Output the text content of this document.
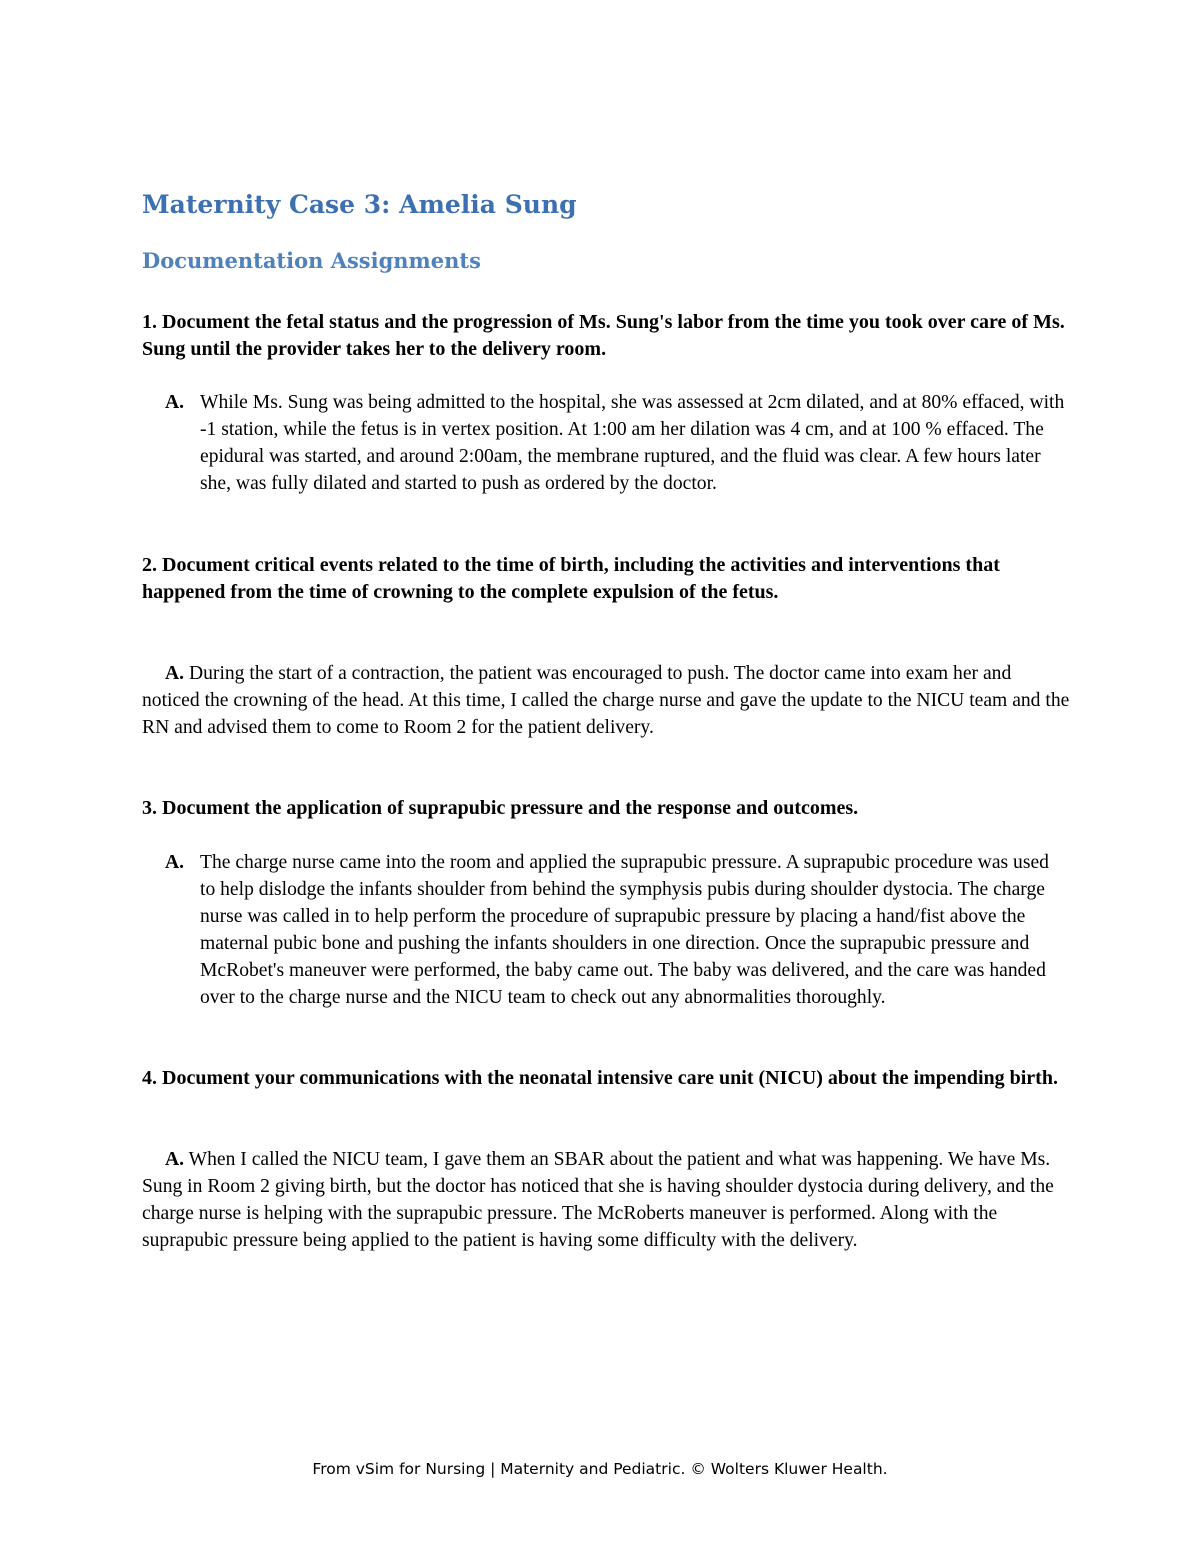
Maternity Case 3: Amelia Sung
Documentation Assignments

1. Document the fetal status and the progression of Ms. Sung's labor from the time you took over care of Ms. Sung until the provider takes her to the delivery room.

A. While Ms. Sung was being admitted to the hospital, she was assessed at 2cm dilated, and at 80% effaced, with -1 station, while the fetus is in vertex position. At 1:00 am her dilation was 4 cm, and at 100 % effaced. The epidural was started, and around 2:00am, the membrane ruptured, and the fluid was clear. A few hours later she, was fully dilated and started to push as ordered by the doctor.

2. Document critical events related to the time of birth, including the activities and interventions that happened from the time of crowning to the complete expulsion of the fetus.

A. During the start of a contraction, the patient was encouraged to push. The doctor came into exam her and noticed the crowning of the head. At this time, I called the charge nurse and gave the update to the NICU team and the RN and advised them to come to Room 2 for the patient delivery.

3. Document the application of suprapubic pressure and the response and outcomes.

A. The charge nurse came into the room and applied the suprapubic pressure. A suprapubic procedure was used to help dislodge the infants shoulder from behind the symphysis pubis during shoulder dystocia. The charge nurse was called in to help perform the procedure of suprapubic pressure by placing a hand/fist above the maternal pubic bone and pushing the infants shoulders in one direction. Once the suprapubic pressure and McRobet's maneuver were performed, the baby came out. The baby was delivered, and the care was handed over to the charge nurse and the NICU team to check out any abnormalities thoroughly.

4. Document your communications with the neonatal intensive care unit (NICU) about the impending birth.

A. When I called the NICU team, I gave them an SBAR about the patient and what was happening. We have Ms. Sung in Room 2 giving birth, but the doctor has noticed that she is having shoulder dystocia during delivery, and the charge nurse is helping with the suprapubic pressure. The McRoberts maneuver is performed. Along with the suprapubic pressure being applied to the patient is having some difficulty with the delivery.

From vSim for Nursing | Maternity and Pediatric. © Wolters Kluwer Health.
